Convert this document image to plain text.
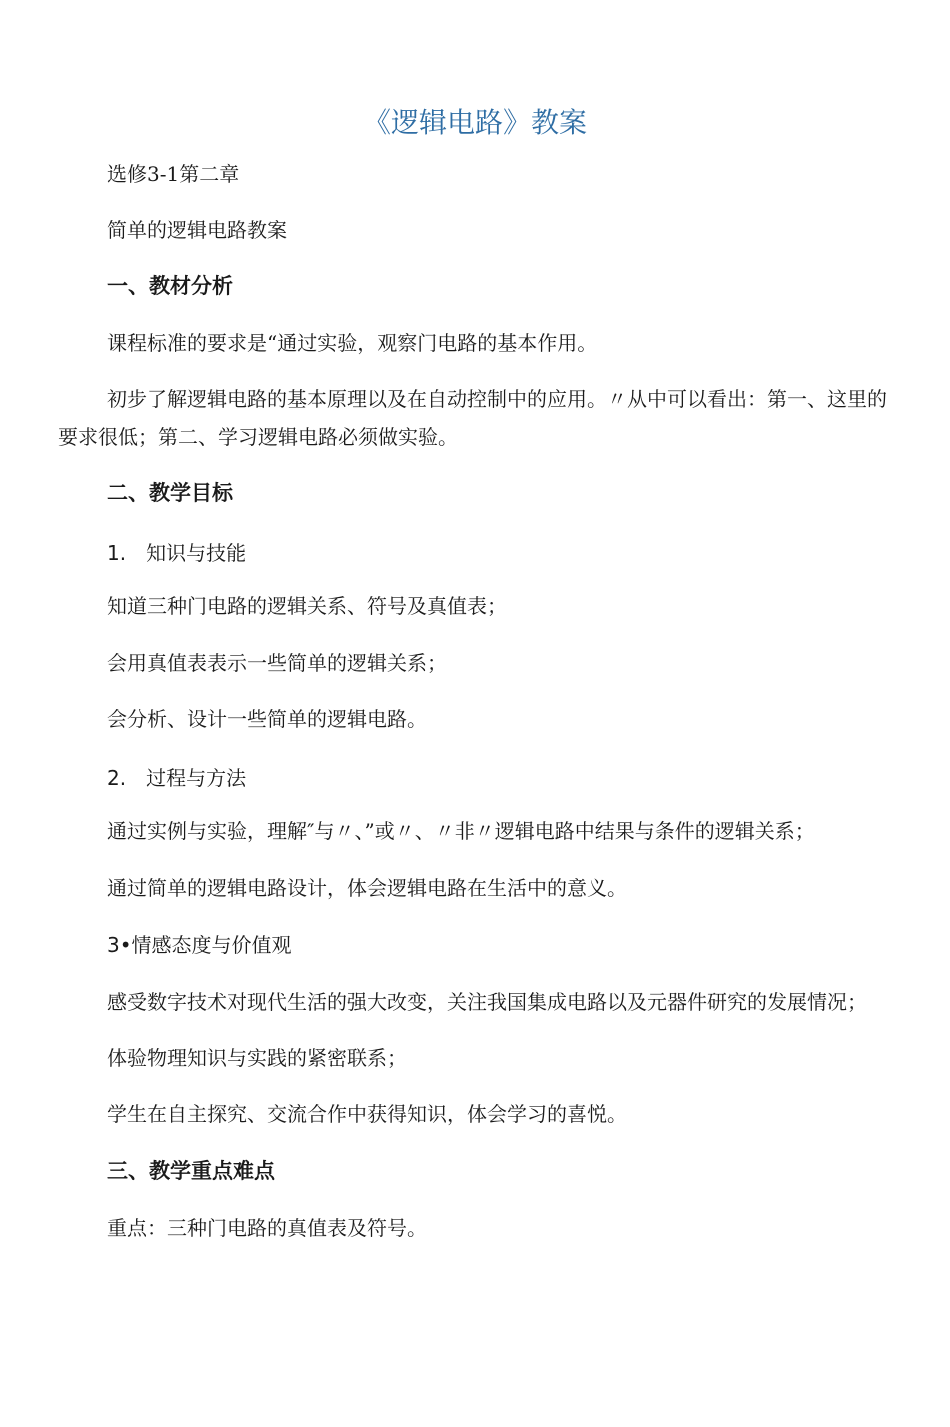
《逻辑电路》教案
选修3-1第二章
简单的逻辑电路教案
一、教材分析
课程标准的要求是“通过实验，观察门电路的基本作用。
初步了解逻辑电路的基本原理以及在自动控制中的应用。〃从中可以看出：第一、这里的要求很低；第二、学习逻辑电路必须做实验。
二、教学目标
1.　知识与技能
知道三种门电路的逻辑关系、符号及真值表；
会用真值表表示一些简单的逻辑关系；
会分析、设计一些简单的逻辑电路。
2.　过程与方法
通过实例与实验，理解″与〃、”或〃、〃非〃逻辑电路中结果与条件的逻辑关系；
通过简单的逻辑电路设计，体会逻辑电路在生活中的意义。
3•情感态度与价值观
感受数字技术对现代生活的强大改变，关注我国集成电路以及元器件研究的发展情况；
体验物理知识与实践的紧密联系；
学生在自主探究、交流合作中获得知识，体会学习的喜悦。
三、教学重点难点
重点：三种门电路的真值表及符号。
